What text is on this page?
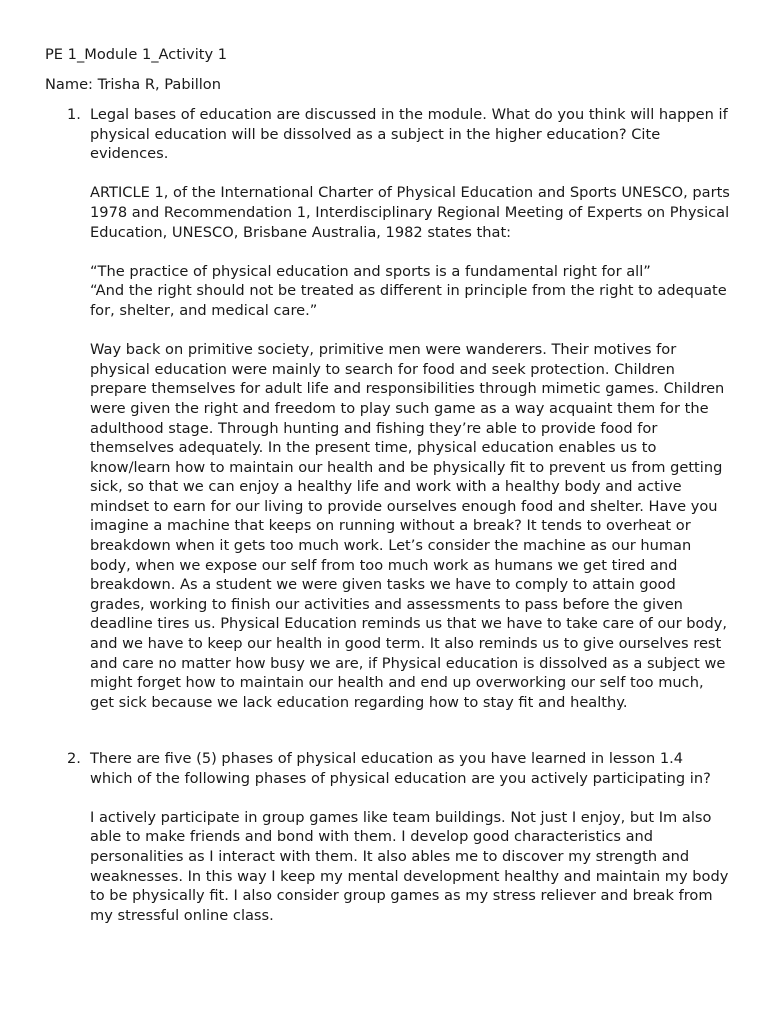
PE 1_Module 1_Activity 1

Name: Trisha R, Pabillon

1. Legal bases of education are discussed in the module. What do you think will happen if physical education will be dissolved as a subject in the higher education? Cite evidences.

ARTICLE 1, of the International Charter of Physical Education and Sports UNESCO, parts 1978 and Recommendation 1, Interdisciplinary Regional Meeting of Experts on Physical Education, UNESCO, Brisbane Australia, 1982 states that:

“The practice of physical education and sports is a fundamental right for all”
“And the right should not be treated as different in principle from the right to adequate for, shelter, and medical care.”

Way back on primitive society, primitive men were wanderers. Their motives for physical education were mainly to search for food and seek protection. Children prepare themselves for adult life and responsibilities through mimetic games. Children were given the right and freedom to play such game as a way acquaint them for the adulthood stage. Through hunting and fishing they’re able to provide food for themselves adequately. In the present time, physical education enables us to know/learn how to maintain our health and be physically fit to prevent us from getting sick, so that we can enjoy a healthy life and work with a healthy body and active mindset to earn for our living to provide ourselves enough food and shelter. Have you imagine a machine that keeps on running without a break? It tends to overheat or breakdown when it gets too much work. Let’s consider the machine as our human body, when we expose our self from too much work as humans we get tired and breakdown. As a student we were given tasks we have to comply to attain good grades, working to finish our activities and assessments to pass before the given deadline tires us. Physical Education reminds us that we have to take care of our body, and we have to keep our health in good term. It also reminds us to give ourselves rest and care no matter how busy we are, if Physical education is dissolved as a subject we might forget how to maintain our health and end up overworking our self too much, get sick because we lack education regarding how to stay fit and healthy.

2. There are five (5) phases of physical education as you have learned in lesson 1.4 which of the following phases of physical education are you actively participating in?

I actively participate in group games like team buildings. Not just I enjoy, but Im also able to make friends and bond with them. I develop good characteristics and personalities as I interact with them. It also ables me to discover my strength and weaknesses. In this way I keep my mental development healthy and maintain my body to be physically fit. I also consider group games as my stress reliever and break from my stressful online class.
